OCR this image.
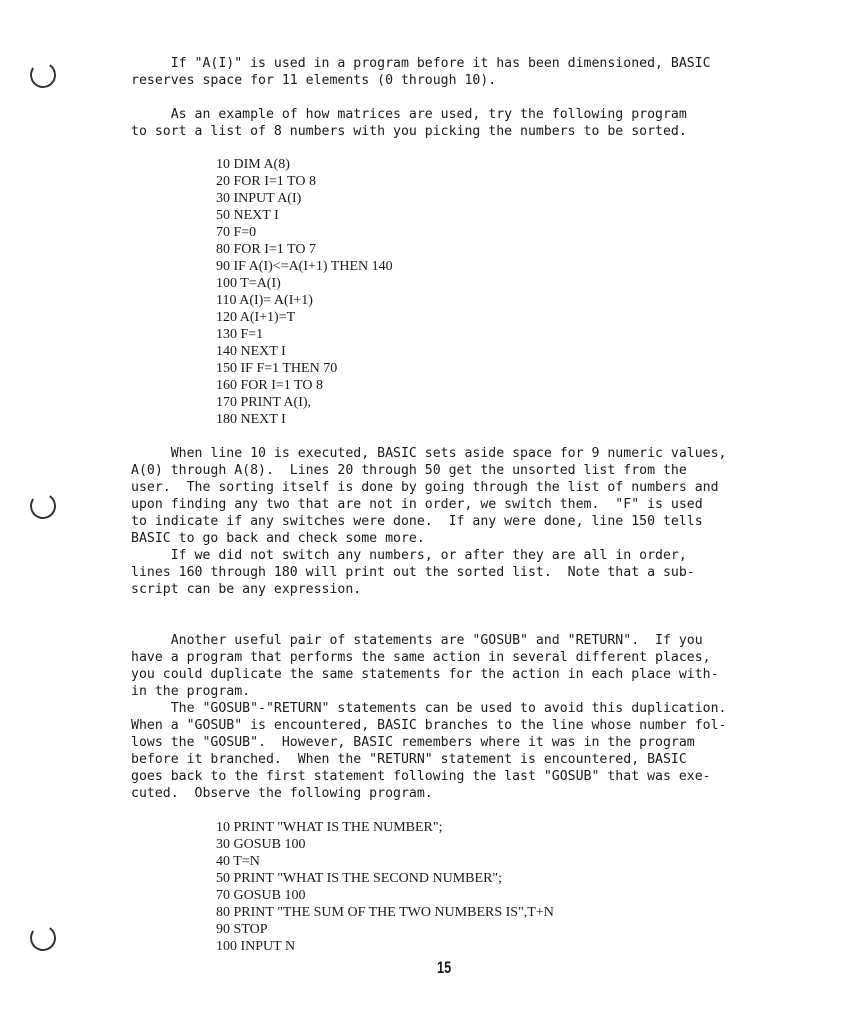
If "A(I)" is used in a program before it has been dimensioned, BASIC
reserves space for 11 elements (0 through 10).
As an example of how matrices are used, try the following program
to sort a list of 8 numbers with you picking the numbers to be sorted.
10 DIM A(8)
20 FOR I=1 TO 8
30 INPUT A(I)
50 NEXT I
70 F=0
80 FOR I=1 TO 7
90 IF A(I)<=A(I+1) THEN 140
100 T=A(I)
110 A(I)= A(I+1)
120 A(I+1)=T
130 F=1
140 NEXT I
150 IF F=1 THEN 70
160 FOR I=1 TO 8
170 PRINT A(I),
180 NEXT I
When line 10 is executed, BASIC sets aside space for 9 numeric values,
A(0) through A(8).  Lines 20 through 50 get the unsorted list from the
user.  The sorting itself is done by going through the list of numbers and
upon finding any two that are not in order, we switch them.  "F" is used
to indicate if any switches were done.  If any were done, line 150 tells
BASIC to go back and check some more.
If we did not switch any numbers, or after they are all in order,
lines 160 through 180 will print out the sorted list.  Note that a sub-
script can be any expression.
Another useful pair of statements are "GOSUB" and "RETURN".  If you
have a program that performs the same action in several different places,
you could duplicate the same statements for the action in each place with-
in the program.
The "GOSUB"-"RETURN" statements can be used to avoid this duplication.
When a "GOSUB" is encountered, BASIC branches to the line whose number fol-
lows the "GOSUB".  However, BASIC remembers where it was in the program
before it branched.  When the "RETURN" statement is encountered, BASIC
goes back to the first statement following the last "GOSUB" that was exe-
cuted.  Observe the following program.
10 PRINT "WHAT IS THE NUMBER";
30 GOSUB 100
40 T=N
50 PRINT "WHAT IS THE SECOND NUMBER";
70 GOSUB 100
80 PRINT "THE SUM OF THE TWO NUMBERS IS",T+N
90 STOP
100 INPUT N
15
